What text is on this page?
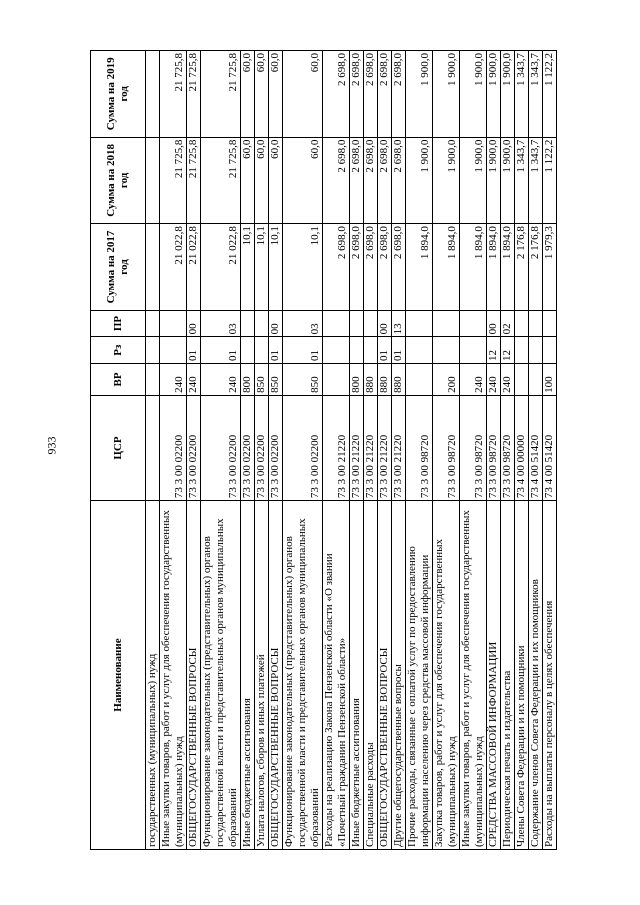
933
Наименование	ЦСР	ВР	Рз	ПР	Сумма на 2017 год	Сумма на 2018 год	Сумма на 2019 год
государственных (муниципальных) нужд							
Иные закупки товаров, работ и услуг для обеспечения государственных (муниципальных) нужд	73 3 00 02200	240			21 022,8	21 725,8	21 725,8
ОБЩЕГОСУДАРСТВЕННЫЕ ВОПРОСЫ	73 3 00 02200	240	01	00	21 022,8	21 725,8	21 725,8
Функционирование законодательных (представительных) органов государственной власти и представительных органов муниципальных образований	73 3 00 02200	240	01	03	21 022,8	21 725,8	21 725,8
Иные бюджетные ассигнования	73 3 00 02200	800			10,1	60,0	60,0
Уплата налогов, сборов и иных платежей	73 3 00 02200	850			10,1	60,0	60,0
ОБЩЕГОСУДАРСТВЕННЫЕ ВОПРОСЫ	73 3 00 02200	850	01	00	10,1	60,0	60,0
Функционирование законодательных (представительных) органов государственной власти и представительных органов муниципальных образований	73 3 00 02200	850	01	03	10,1	60,0	60,0
Расходы на реализацию Закона Пензенской области «О звании «Почетный гражданин Пензенской области»	73 3 00 21220				2 698,0	2 698,0	2 698,0
Иные бюджетные ассигнования	73 3 00 21220	800			2 698,0	2 698,0	2 698,0
Специальные расходы	73 3 00 21220	880			2 698,0	2 698,0	2 698,0
ОБЩЕГОСУДАРСТВЕННЫЕ ВОПРОСЫ	73 3 00 21220	880	01	00	2 698,0	2 698,0	2 698,0
Другие общегосударственные вопросы	73 3 00 21220	880	01	13	2 698,0	2 698,0	2 698,0
Прочие расходы, связанные с оплатой услуг по предоставлению информации населению через средства массовой информации	73 3 00 98720				1 894,0	1 900,0	1 900,0
Закупка товаров, работ и услуг для обеспечения государственных (муниципальных) нужд	73 3 00 98720	200			1 894,0	1 900,0	1 900,0
Иные закупки товаров, работ и услуг для обеспечения государственных (муниципальных) нужд	73 3 00 98720	240			1 894,0	1 900,0	1 900,0
СРЕДСТВА МАССОВОЙ ИНФОРМАЦИИ	73 3 00 98720	240	12	00	1 894,0	1 900,0	1 900,0
Периодическая печать и издательства	73 3 00 98720	240	12	02	1 894,0	1 900,0	1 900,0
Члены Совета Федерации и их помощники	73 4 00 00000				2 176,8	1 343,7	1 343,7
Содержание членов Совета Федерации и их помощников	73 4 00 51420				2 176,8	1 343,7	1 343,7
Расходы на выплаты персоналу в целях обеспечения	73 4 00 51420	100			1 979,3	1 122,2	1 122,2
